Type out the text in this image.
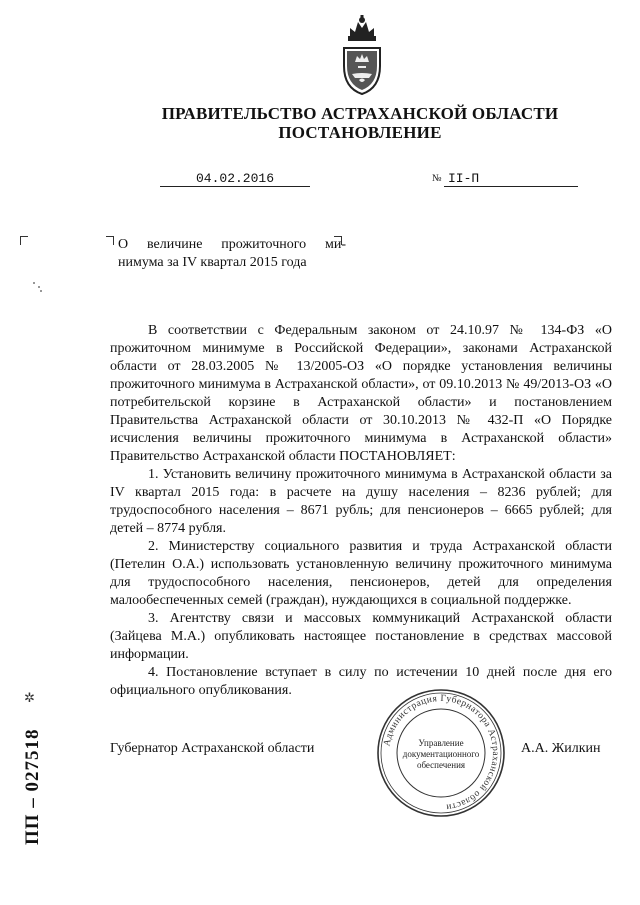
ПРАВИТЕЛЬСТВО АСТРАХАНСКОЙ ОБЛАСТИ
ПОСТАНОВЛЕНИЕ
04.02.2016	№ II-П
О величине прожиточного ми-
нимума за IV квартал 2015 года

В соответствии с Федеральным законом от 24.10.97 № 134-ФЗ «О прожиточном минимуме в Российской Федерации», законами Астраханской области от 28.03.2005 № 13/2005-ОЗ «О порядке установления величины прожиточного минимума в Астраханской области», от 09.10.2013 № 49/2013-ОЗ «О потребительской корзине в Астраханской области» и постановлением Правительства Астраханской области от 30.10.2013 № 432-П «О Порядке исчисления величины прожиточного минимума в Астраханской области» Правительство Астраханской области ПОСТАНОВЛЯЕТ:

1. Установить величину прожиточного минимума в Астраханской области за IV квартал 2015 года: в расчете на душу населения – 8236 рублей; для трудоспособного населения – 8671 рубль; для пенсионеров – 6665 рублей; для детей – 8774 рубля.

2. Министерству социального развития и труда Астраханской области (Петелин О.А.) использовать установленную величину прожиточного минимума для трудоспособного населения, пенсионеров, детей для определения малообеспеченных семей (граждан), нуждающихся в социальной поддержке.

3. Агентству связи и массовых коммуникаций Астраханской области (Зайцева М.А.) опубликовать настоящее постановление в средствах массовой информации.

4. Постановление вступает в силу по истечении 10 дней после дня его официального опубликования.

Губернатор Астраханской области	А.А. Жилкин
Администрация Губернатора Астраханской области
Управление
документационного
обеспечения
✲
ПП – 027518
